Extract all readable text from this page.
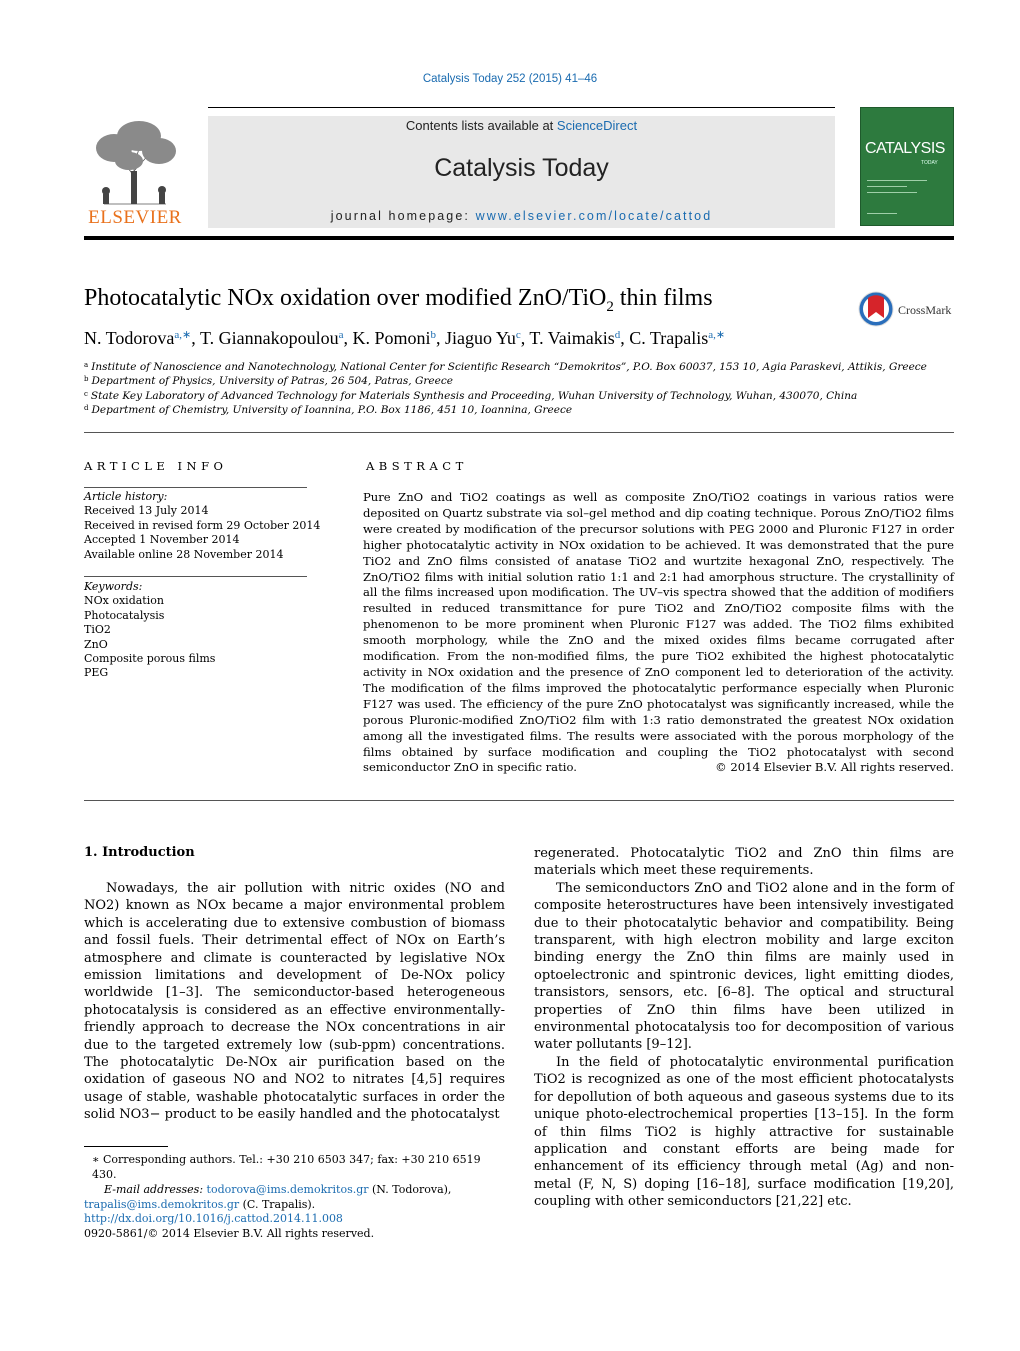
Catalysis Today 252 (2015) 41–46
ELSEVIER
Contents lists available at ScienceDirect
Catalysis Today
journal homepage: www.elsevier.com/locate/cattod
CATALYSIS
TODAY
Photocatalytic NOx oxidation over modified ZnO/TiO$_2$ thin films	CrossMark
N. Todorova$^{a,∗}$, T. Giannakopoulou$^a$, K. Pomoni$^b$, Jiaguo Yu$^c$, T. Vaimakis$^d$, C. Trapalis$^{a,∗}$
$^a$ Institute of Nanoscience and Nanotechnology, National Center for Scientific Research “Demokritos”, P.O. Box 60037, 153 10, Agia Paraskevi, Attikis, Greece
$^b$ Department of Physics, University of Patras, 26 504, Patras, Greece
$^c$ State Key Laboratory of Advanced Technology for Materials Synthesis and Proceeding, Wuhan University of Technology, Wuhan, 430070, China
$^d$ Department of Chemistry, University of Ioannina, P.O. Box 1186, 451 10, Ioannina, Greece
ARTICLE INFO	ABSTRACT
Article history:
Received 13 July 2014
Received in revised form 29 October 2014
Accepted 1 November 2014
Available online 28 November 2014
Keywords:
NOx oxidation
Photocatalysis
TiO2
ZnO
Composite porous films
PEG
Pure ZnO and TiO2 coatings as well as composite ZnO/TiO2 coatings in various ratios were deposited on Quartz substrate via sol–gel method and dip coating technique. Porous ZnO/TiO2 films were created by modification of the precursor solutions with PEG 2000 and Pluronic F127 in order higher photocatalytic activity in NOx oxidation to be achieved. It was demonstrated that the pure TiO2 and ZnO films consisted of anatase TiO2 and wurtzite hexagonal ZnO, respectively. The ZnO/TiO2 films with initial solution ratio 1:1 and 2:1 had amorphous structure. The crystallinity of all the films increased upon modification. The UV–vis spectra showed that the addition of modifiers resulted in reduced transmittance for pure TiO2 and ZnO/TiO2 composite films with the phenomenon to be more prominent when Pluronic F127 was added. The TiO2 films exhibited smooth morphology, while the ZnO and the mixed oxides films became corrugated after modification. From the non-modified films, the pure TiO2 exhibited the highest photocatalytic activity in NOx oxidation and the presence of ZnO component led to deterioration of the activity. The modification of the films improved the photocatalytic performance especially when Pluronic F127 was used. The efficiency of the pure ZnO photocatalyst was significantly increased, while the porous Pluronic-modified ZnO/TiO2 film with 1:3 ratio demonstrated the greatest NOx oxidation among all the investigated films. The results were associated with the porous morphology of the films obtained by surface modification and coupling the TiO2 photocatalyst with second semiconductor ZnO in specific ratio.	© 2014 Elsevier B.V. All rights reserved.
1. Introduction

Nowadays, the air pollution with nitric oxides (NO and NO2) known as NOx became a major environmental problem which is accelerating due to extensive combustion of biomass and fossil fuels. Their detrimental effect of NOx on Earth’s atmosphere and climate is counteracted by legislative NOx emission limitations and development of De-NOx policy worldwide [1–3]. The semiconductor-based heterogeneous photocatalysis is considered as an effective environmentally-friendly approach to decrease the NOx concentrations in air due to the targeted extremely low (sub-ppm) concentrations. The photocatalytic De-NOx air purification based on the oxidation of gaseous NO and NO2 to nitrates [4,5] requires usage of stable, washable photocatalytic surfaces in order the solid NO3− product to be easily handled and the photocatalyst

regenerated. Photocatalytic TiO2 and ZnO thin films are materials which meet these requirements.

The semiconductors ZnO and TiO2 alone and in the form of composite heterostructures have been intensively investigated due to their photocatalytic behavior and compatibility. Being transparent, with high electron mobility and large exciton binding energy the ZnO thin films are mainly used in optoelectronic and spintronic devices, light emitting diodes, transistors, sensors, etc. [6–8]. The optical and structural properties of ZnO thin films have been utilized in environmental photocatalysis too for decomposition of various water pollutants [9–12].

In the field of photocatalytic environmental purification TiO2 is recognized as one of the most efficient photocatalysts for depollution of both aqueous and gaseous systems due to its unique photo-electrochemical properties [13–15]. In the form of thin films TiO2 is highly attractive for sustainable application and constant efforts are being made for enhancement of its efficiency through metal (Ag) and non-metal (F, N, S) doping [16–18], surface modification [19,20], coupling with other semiconductors [21,22] etc.

∗ Corresponding authors. Tel.: +30 210 6503 347; fax: +30 210 6519 430.
E-mail addresses: todorova@ims.demokritos.gr (N. Todorova),
trapalis@ims.demokritos.gr (C. Trapalis).
http://dx.doi.org/10.1016/j.cattod.2014.11.008
0920-5861/© 2014 Elsevier B.V. All rights reserved.
